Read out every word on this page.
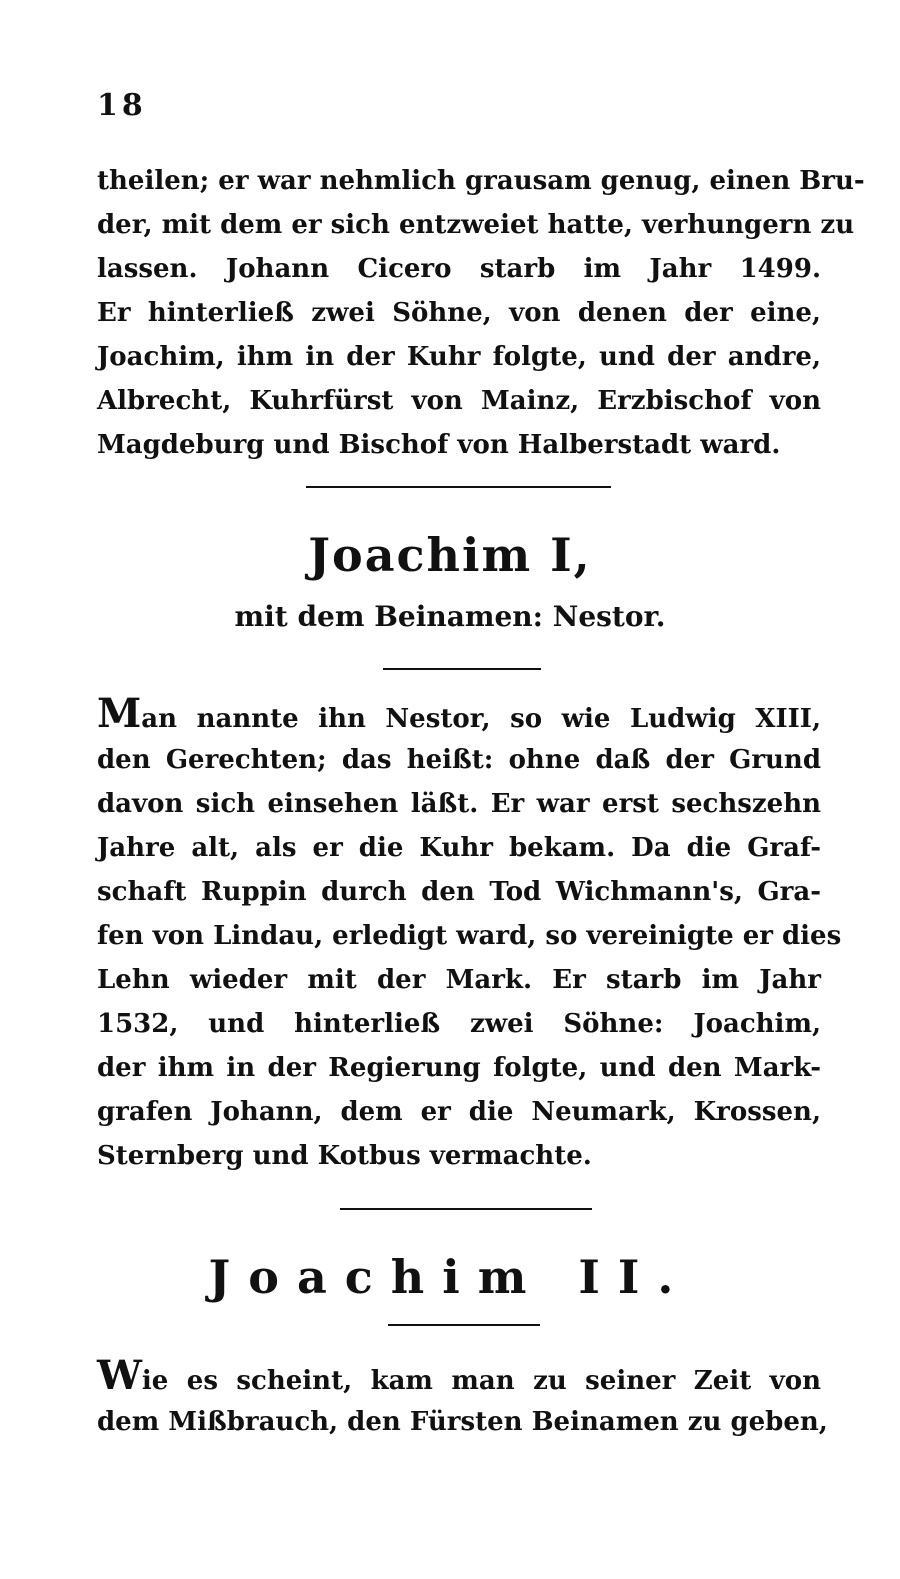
18
theilen; er war nehmlich grausam genug, einen Bru-
der, mit dem er sich entzweiet hatte, verhungern zu
lassen. Johann Cicero starb im Jahr 1499.
Er hinterließ zwei Söhne, von denen der eine,
Joachim, ihm in der Kuhr folgte, und der andre,
Albrecht, Kuhrfürst von Mainz, Erzbischof von
Magdeburg und Bischof von Halberstadt ward.
Joachim I,
mit dem Beinamen: Nestor.
Man nannte ihn Nestor, so wie Ludwig XIII,
den Gerechten; das heißt: ohne daß der Grund
davon sich einsehen läßt. Er war erst sechszehn
Jahre alt, als er die Kuhr bekam. Da die Graf-
schaft Ruppin durch den Tod Wichmann's, Gra-
fen von Lindau, erledigt ward, so vereinigte er dies
Lehn wieder mit der Mark. Er starb im Jahr
1532, und hinterließ zwei Söhne: Joachim,
der ihm in der Regierung folgte, und den Mark-
grafen Johann, dem er die Neumark, Krossen,
Sternberg und Kotbus vermachte.
Joachim II.
Wie es scheint, kam man zu seiner Zeit von
dem Mißbrauch, den Fürsten Beinamen zu geben,
